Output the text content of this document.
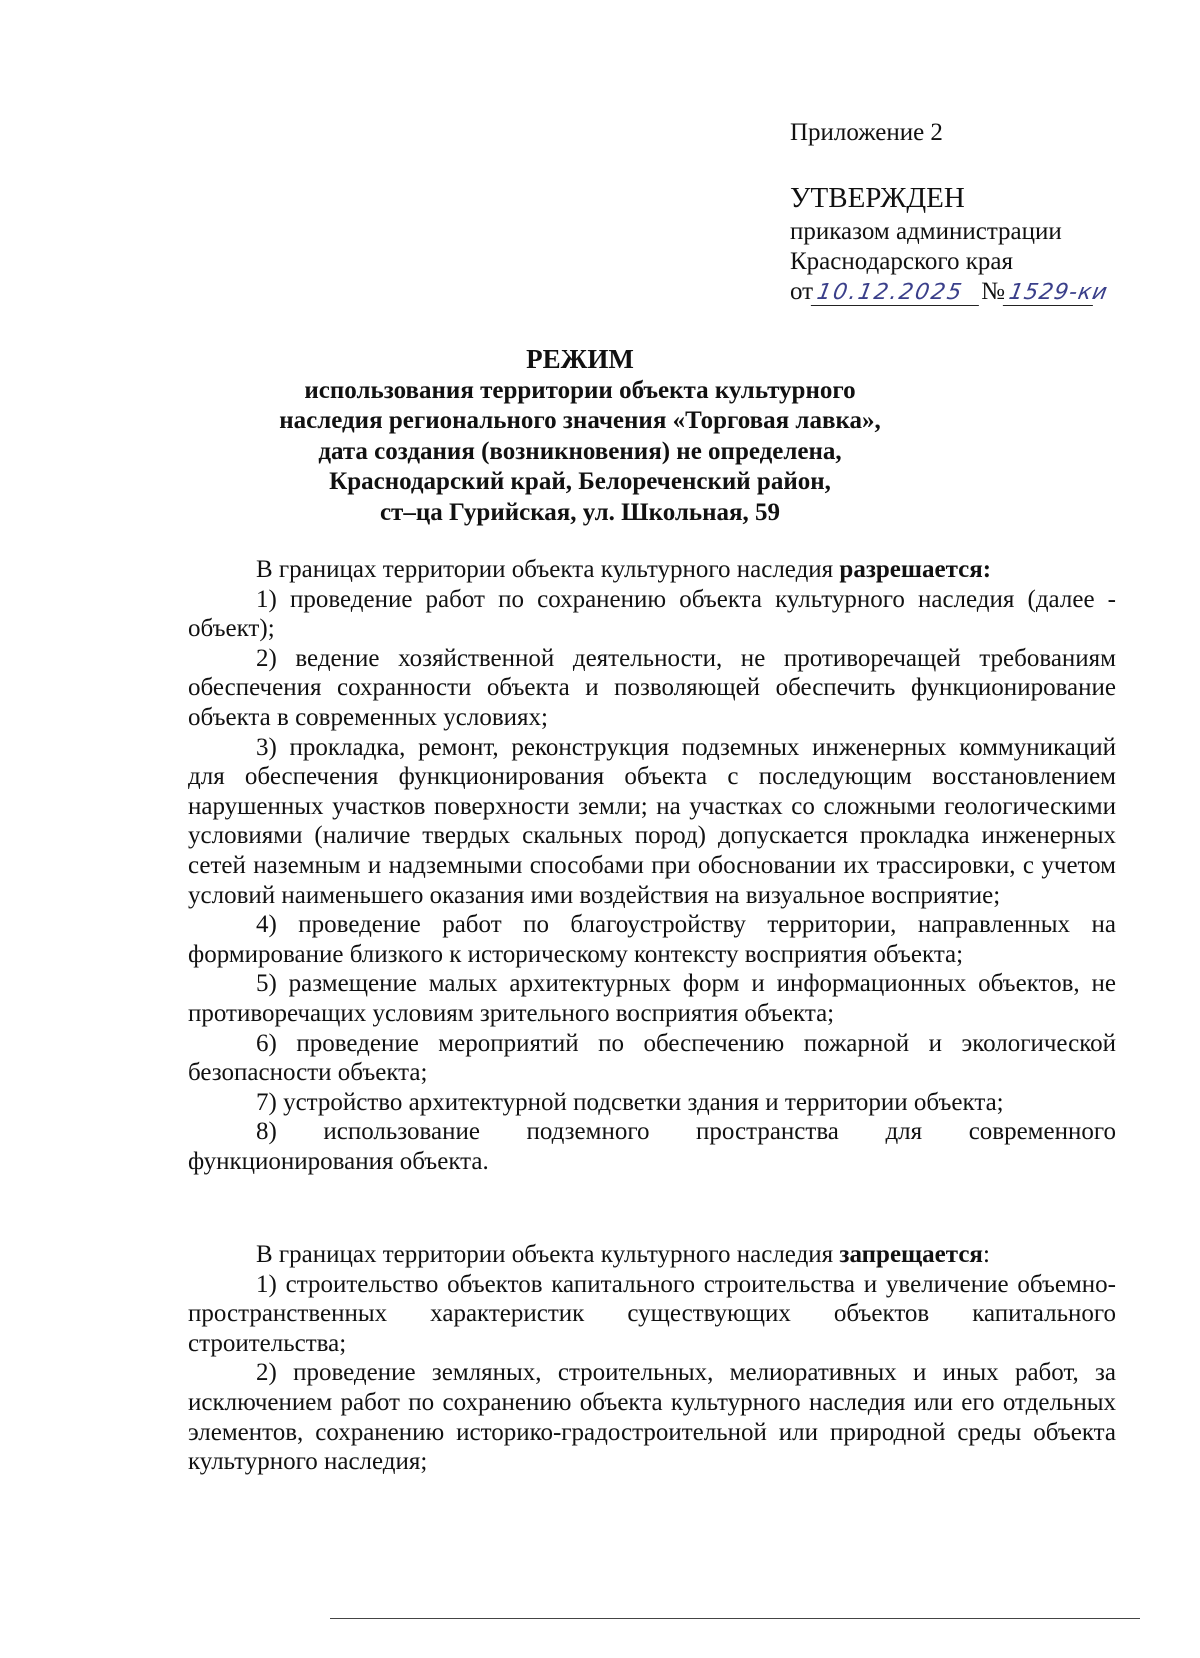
Приложение 2
УТВЕРЖДЕН
приказом администрации
Краснодарского края
от10.12.2025 №1529-ки
РЕЖИМ
использования территории объекта культурного
наследия регионального значения «Торговая лавка»,
дата создания (возникновения) не определена,
Краснодарский край, Белореченский район,
ст–ца Гурийская, ул. Школьная, 59

В границах территории объекта культурного наследия разрешается:

1) проведение работ по сохранению объекта культурного наследия (далее - объект);

2) ведение хозяйственной деятельности, не противоречащей требованиям обеспечения сохранности объекта и позволяющей обеспечить функционирование объекта в современных условиях;

3) прокладка, ремонт, реконструкция подземных инженерных коммуникаций для обеспечения функционирования объекта с последующим восстановлением нарушенных участков поверхности земли; на участках со сложными геологическими условиями (наличие твердых скальных пород) допускается прокладка инженерных сетей наземным и надземными способами при обосновании их трассировки, с учетом условий наименьшего оказания ими воздействия на визуальное восприятие;

4) проведение работ по благоустройству территории, направленных на формирование близкого к историческому контексту восприятия объекта;

5) размещение малых архитектурных форм и информационных объектов, не противоречащих условиям зрительного восприятия объекта;

6) проведение мероприятий по обеспечению пожарной и экологической безопасности объекта;

7) устройство архитектурной подсветки здания и территории объекта;

8) использование подземного пространства для современного функционирования объекта.

В границах территории объекта культурного наследия запрещается:

1) строительство объектов капитального строительства и увеличение объемно-пространственных характеристик существующих объектов капитального строительства;

2) проведение земляных, строительных, мелиоративных и иных работ, за исключением работ по сохранению объекта культурного наследия или его отдельных элементов, сохранению историко-градостроительной или природной среды объекта культурного наследия;
